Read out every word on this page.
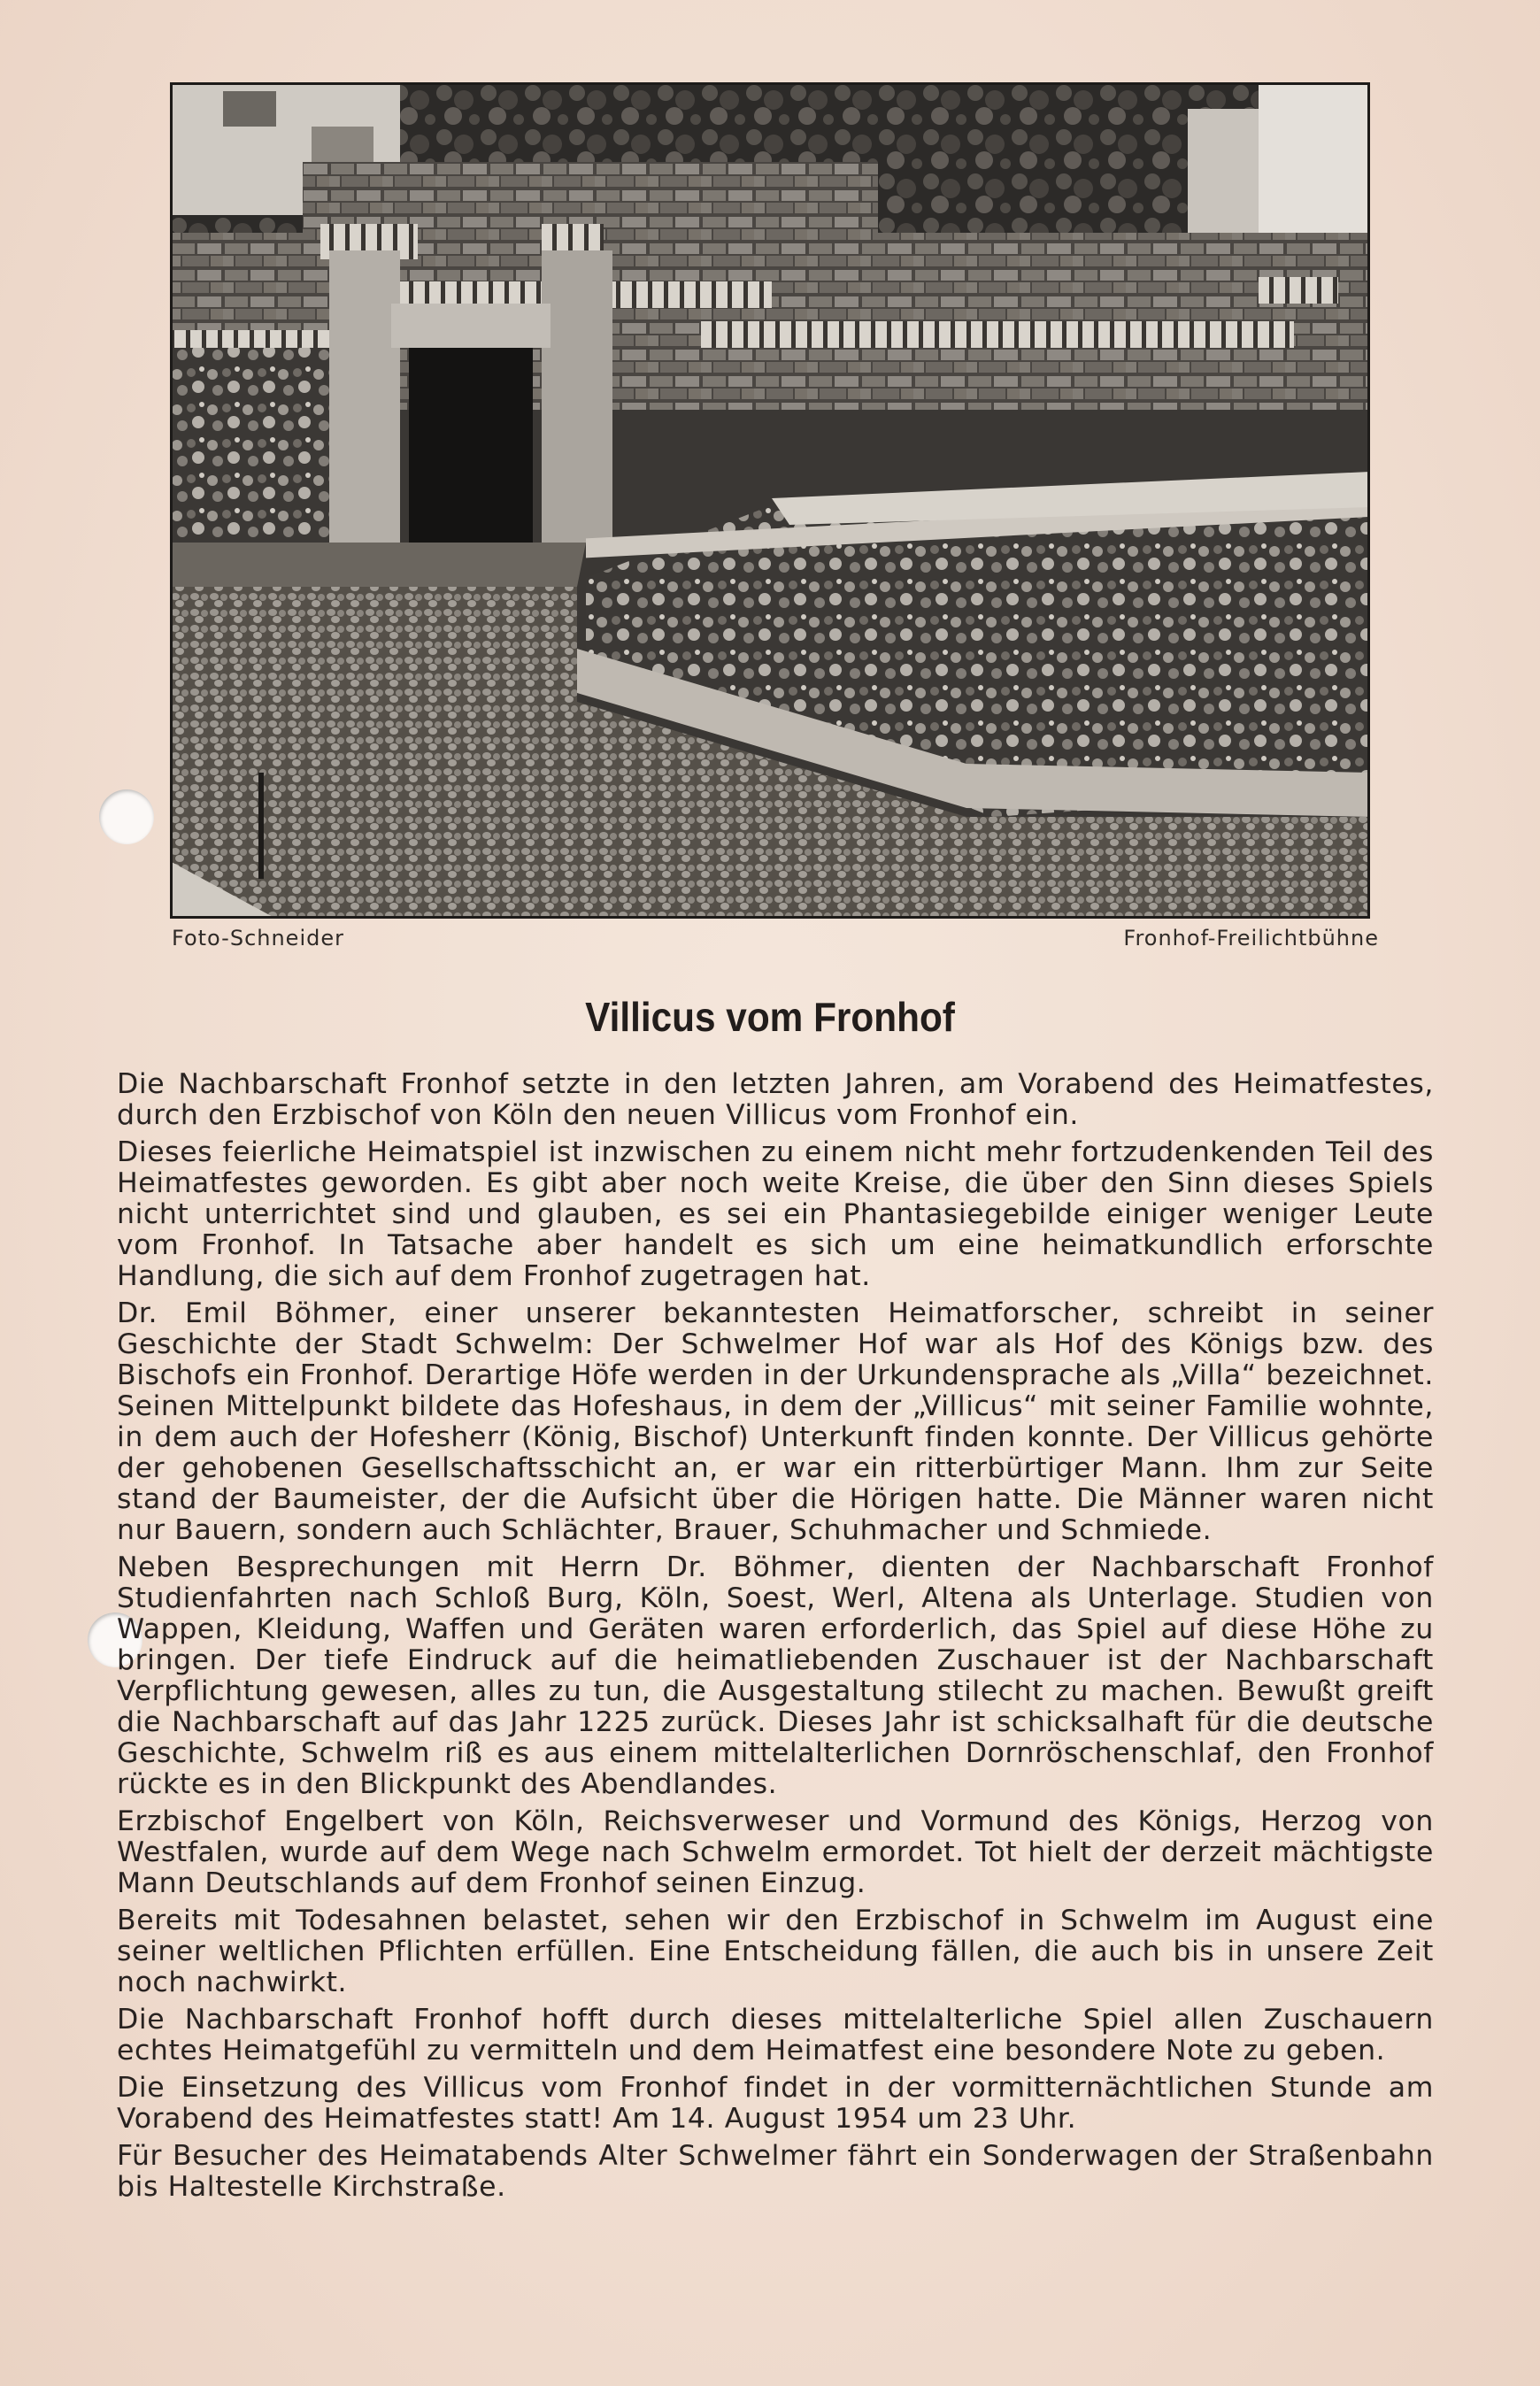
Foto-Schneider	Fronhof-Freilichtbühne
Villicus vom Fronhof

Die Nachbarschaft Fronhof setzte in den letzten Jahren, am Vorabend des Heimatfestes, durch den Erzbischof von Köln den neuen Villicus vom Fronhof ein.

Dieses feierliche Heimatspiel ist inzwischen zu einem nicht mehr fortzudenkenden Teil des Heimatfestes geworden. Es gibt aber noch weite Kreise, die über den Sinn dieses Spiels nicht unterrichtet sind und glauben, es sei ein Phantasiegebilde einiger weniger Leute vom Fronhof. In Tatsache aber handelt es sich um eine heimatkundlich erforschte Handlung, die sich auf dem Fronhof zugetragen hat.

Dr. Emil Böhmer, einer unserer bekanntesten Heimatforscher, schreibt in seiner Geschichte der Stadt Schwelm: Der Schwelmer Hof war als Hof des Königs bzw. des Bischofs ein Fronhof. Derartige Höfe werden in der Urkundensprache als „Villa“ bezeichnet. Seinen Mittelpunkt bildete das Hofeshaus, in dem der „Villicus“ mit seiner Familie wohnte, in dem auch der Hofesherr (König, Bischof) Unterkunft finden konnte. Der Villicus gehörte der gehobenen Gesellschaftsschicht an, er war ein ritterbürtiger Mann. Ihm zur Seite stand der Baumeister, der die Aufsicht über die Hörigen hatte. Die Männer waren nicht nur Bauern, sondern auch Schlächter, Brauer, Schuhmacher und Schmiede.

Neben Besprechungen mit Herrn Dr. Böhmer, dienten der Nachbarschaft Fronhof Studienfahrten nach Schloß Burg, Köln, Soest, Werl, Altena als Unterlage. Studien von Wappen, Kleidung, Waffen und Geräten waren erforderlich, das Spiel auf diese Höhe zu bringen. Der tiefe Eindruck auf die heimatliebenden Zuschauer ist der Nachbarschaft Verpflichtung gewesen, alles zu tun, die Ausgestaltung stilecht zu machen. Bewußt greift die Nachbarschaft auf das Jahr 1225 zurück. Dieses Jahr ist schicksalhaft für die deutsche Geschichte, Schwelm riß es aus einem mittelalterlichen Dornröschenschlaf, den Fronhof rückte es in den Blickpunkt des Abendlandes.

Erzbischof Engelbert von Köln, Reichsverweser und Vormund des Königs, Herzog von Westfalen, wurde auf dem Wege nach Schwelm ermordet. Tot hielt der derzeit mächtigste Mann Deutschlands auf dem Fronhof seinen Einzug.

Bereits mit Todesahnen belastet, sehen wir den Erzbischof in Schwelm im August eine seiner weltlichen Pflichten erfüllen. Eine Entscheidung fällen, die auch bis in unsere Zeit noch nachwirkt.

Die Nachbarschaft Fronhof hofft durch dieses mittelalterliche Spiel allen Zuschauern echtes Heimatgefühl zu vermitteln und dem Heimatfest eine besondere Note zu geben.

Die Einsetzung des Villicus vom Fronhof findet in der vormitternächtlichen Stunde am Vorabend des Heimatfestes statt! Am 14. August 1954 um 23 Uhr.

Für Besucher des Heimatabends Alter Schwelmer fährt ein Sonderwagen der Straßenbahn bis Haltestelle Kirchstraße.
